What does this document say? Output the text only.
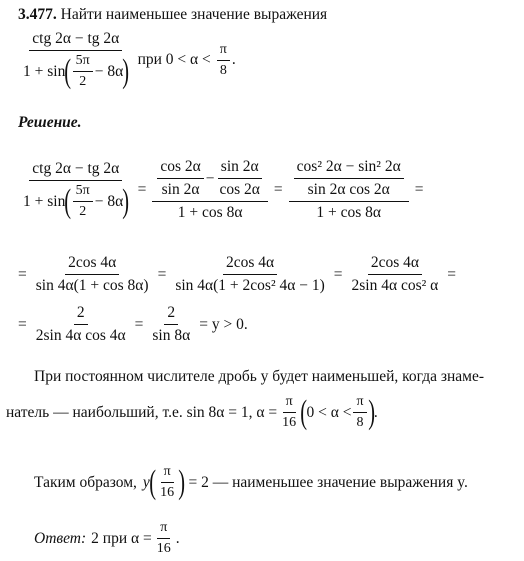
3.477. Найти наименьшее значение выражения
ctg 2α − tg 2α
1 + sin ( $\frac{5\pi}{2} - 8\alpha$ ) при $0 < \alpha < \frac{\pi}{8}$ .
Решение.
ctg 2α − tg 2α
1 + sin ( $\frac{5\pi}{2} - 8\alpha$ ) = $\frac{\cos 2\alpha}{\sin 2\alpha} - \frac{\sin 2\alpha}{\cos 2\alpha}$
1 + cos 8α
= $\frac{\frac{\text{cos² 2α − sin² 2α}}{\text{sin 2α cos 2α}}}{1 + \cos 8\alpha}$ =
= $\frac{2\cos 4\alpha}{\sin 4\alpha(1 + \cos 8\alpha)} = \frac{2\cos 4\alpha}{\text{sin 4α(1 + 2cos² 4α − 1)}} = \frac{2\cos 4\alpha}{\text{2sin 4α cos² α}}$ =
= $\frac{2}{\text{2sin 4α cos 4α}} = \frac{2}{\sin 8\alpha} = y > 0$.
При постоянном числителе дробь y будет наименьшей, когда знаме-
натель — наибольший, т.е. sin 8α = 1, $\alpha = \frac{\pi}{16}$ ( $0 < \alpha < \frac{\pi}{8}$ ) .
Таким образом, y ( $\frac{\pi}{16}$ ) = 2 — наименьшее значение выражения y.
Ответ: 2 при $\alpha = \frac{\pi}{16}$ .
